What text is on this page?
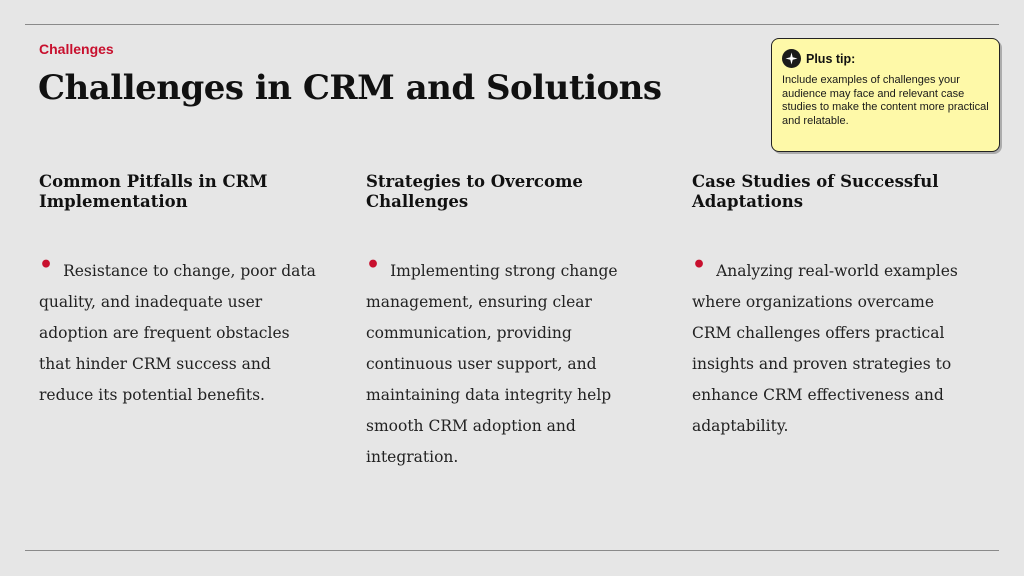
Challenges
Challenges in CRM and Solutions
Plus tip:
Include examples of challenges your audience may face and relevant case studies to make the content more practical and relatable.
Common Pitfalls in CRM Implementation

• Resistance to change, poor data quality, and inadequate user adoption are frequent obstacles that hinder CRM success and reduce its potential benefits.

Strategies to Overcome Challenges

• Implementing strong change management, ensuring clear communication, providing continuous user support, and maintaining data integrity help smooth CRM adoption and integration.

Case Studies of Successful Adaptations

• Analyzing real-world examples where organizations overcame CRM challenges offers practical insights and proven strategies to enhance CRM effectiveness and adaptability.
